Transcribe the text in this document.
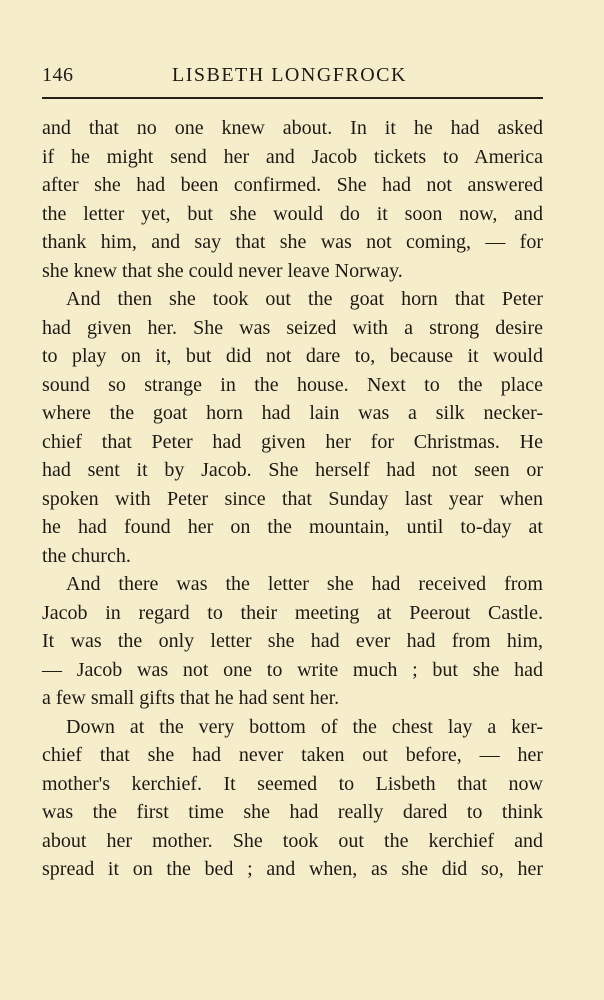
146	LISBETH LONGFROCK
and that no one knew about. In it he had asked
if he might send her and Jacob tickets to America
after she had been confirmed. She had not answered
the letter yet, but she would do it soon now, and
thank him, and say that she was not coming, — for
she knew that she could never leave Norway.
And then she took out the goat horn that Peter
had given her. She was seized with a strong desire
to play on it, but did not dare to, because it would
sound so strange in the house. Next to the place
where the goat horn had lain was a silk necker-
chief that Peter had given her for Christmas. He
had sent it by Jacob. She herself had not seen or
spoken with Peter since that Sunday last year when
he had found her on the mountain, until to-day at
the church.
And there was the letter she had received from
Jacob in regard to their meeting at Peerout Castle.
It was the only letter she had ever had from him,
— Jacob was not one to write much ; but she had
a few small gifts that he had sent her.
Down at the very bottom of the chest lay a ker-
chief that she had never taken out before, — her
mother's kerchief. It seemed to Lisbeth that now
was the first time she had really dared to think
about her mother. She took out the kerchief and
spread it on the bed ; and when, as she did so, her
